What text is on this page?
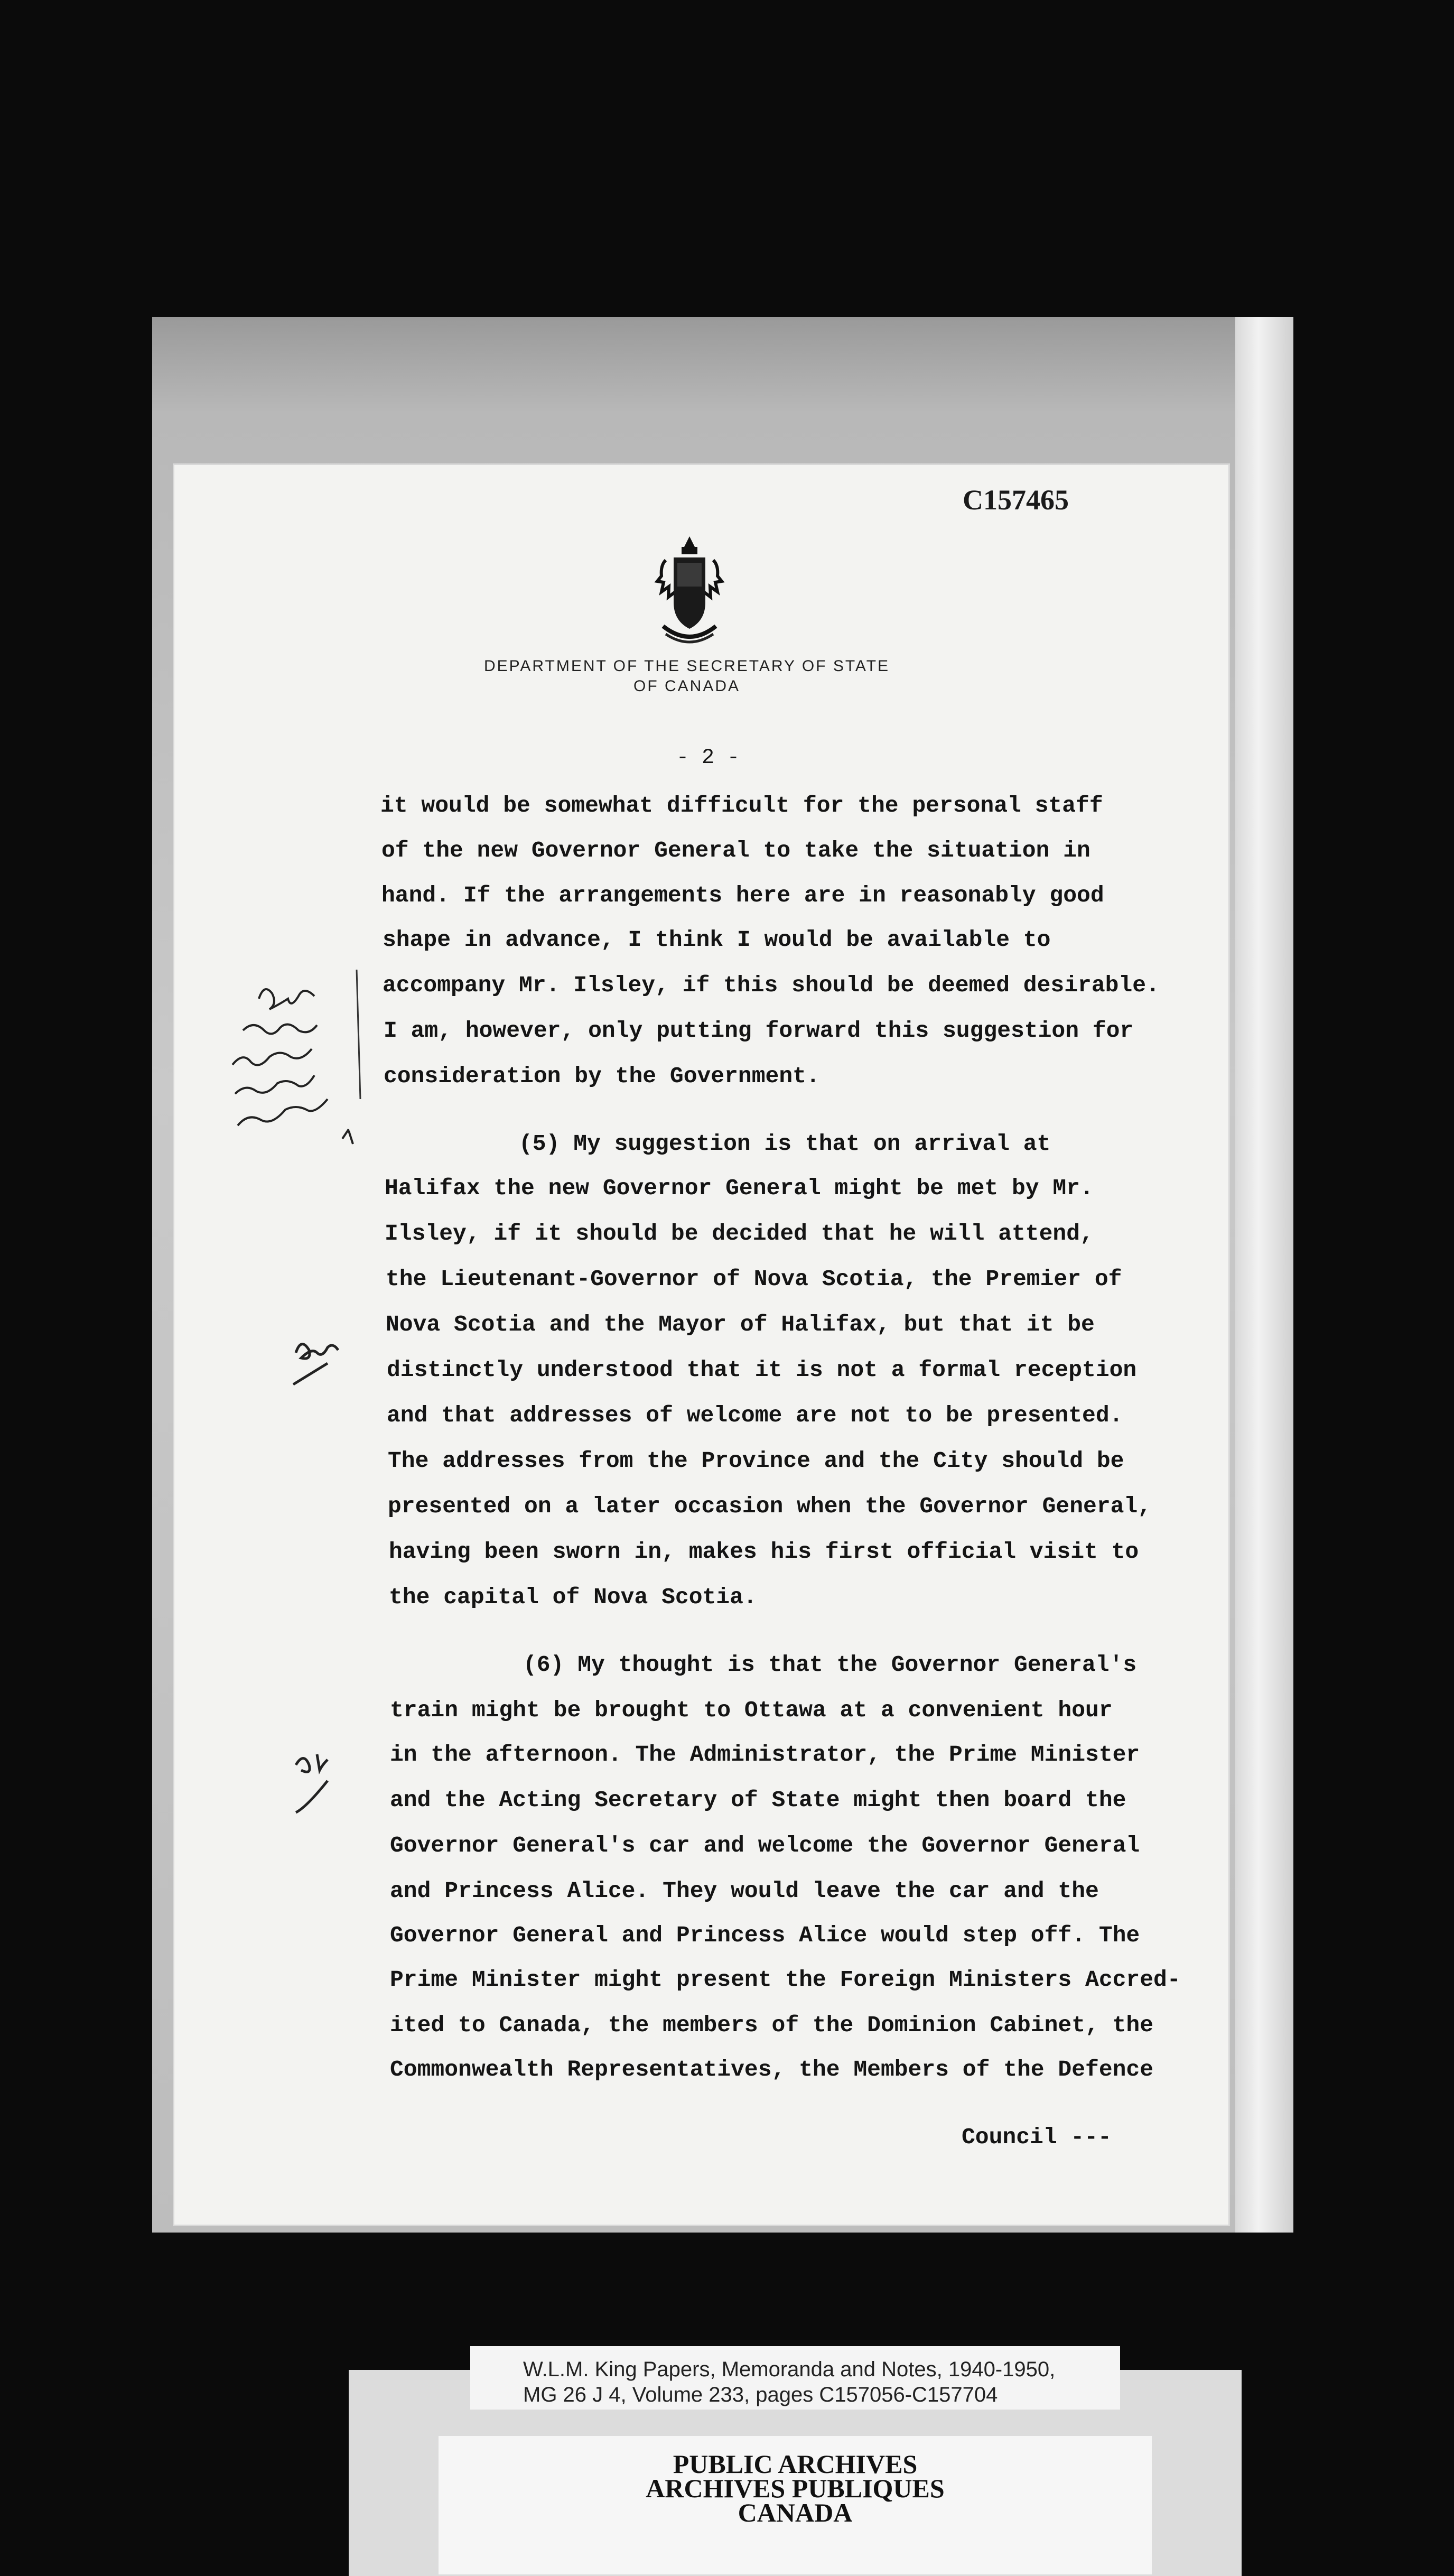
C157465
DEPARTMENT OF THE SECRETARY OF STATE
OF CANADA
- 2 -
it would be somewhat difficult for the personal staff
of the new Governor General to take the situation in
hand. If the arrangements here are in reasonably good
shape in advance, I think I would be available to
accompany Mr. Ilsley, if this should be deemed desirable.
I am, however, only putting forward this suggestion for
consideration by the Government.
(5) My suggestion is that on arrival at
Halifax the new Governor General might be met by Mr.
Ilsley, if it should be decided that he will attend,
the Lieutenant-Governor of Nova Scotia, the Premier of
Nova Scotia and the Mayor of Halifax, but that it be
distinctly understood that it is not a formal reception
and that addresses of welcome are not to be presented.
The addresses from the Province and the City should be
presented on a later occasion when the Governor General,
having been sworn in, makes his first official visit to
the capital of Nova Scotia.
(6) My thought is that the Governor General's
train might be brought to Ottawa at a convenient hour
in the afternoon. The Administrator, the Prime Minister
and the Acting Secretary of State might then board the
Governor General's car and welcome the Governor General
and Princess Alice. They would leave the car and the
Governor General and Princess Alice would step off. The
Prime Minister might present the Foreign Ministers Accred-
ited to Canada, the members of the Dominion Cabinet, the
Commonwealth Representatives, the Members of the Defence
Council ---
W.L.M. King Papers, Memoranda and Notes, 1940-1950,
MG 26 J 4, Volume 233, pages C157056-C157704
PUBLIC ARCHIVES
ARCHIVES PUBLIQUES
CANADA
